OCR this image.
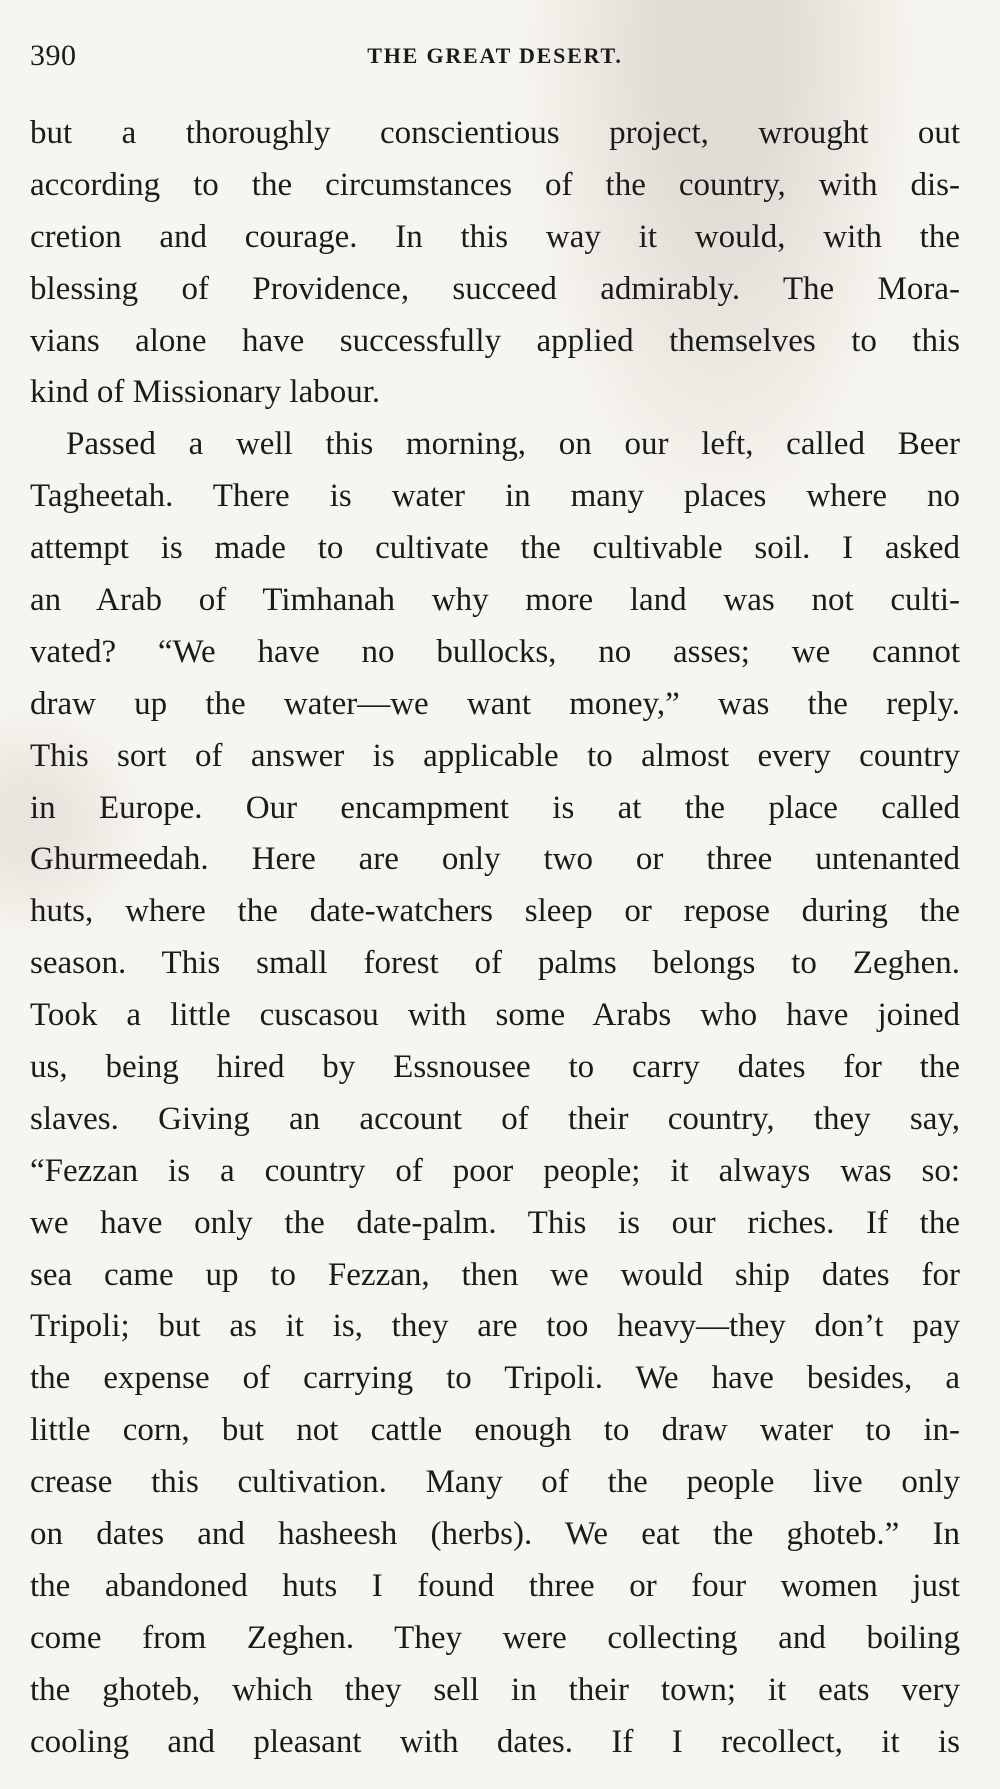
390	THE GREAT DESERT.
but a thoroughly conscientious project, wrought out
according to the circumstances of the country, with dis-
cretion and courage. In this way it would, with the
blessing of Providence, succeed admirably. The Mora-
vians alone have successfully applied themselves to this
kind of Missionary labour.
Passed a well this morning, on our left, called Beer
Tagheetah. There is water in many places where no
attempt is made to cultivate the cultivable soil. I asked
an Arab of Timhanah why more land was not culti-
vated? “We have no bullocks, no asses; we cannot
draw up the water—we want money,” was the reply.
This sort of answer is applicable to almost every country
in Europe. Our encampment is at the place called
Ghurmeedah. Here are only two or three untenanted
huts, where the date-watchers sleep or repose during the
season. This small forest of palms belongs to Zeghen.
Took a little cuscasou with some Arabs who have joined
us, being hired by Essnousee to carry dates for the
slaves. Giving an account of their country, they say,
“Fezzan is a country of poor people; it always was so:
we have only the date-palm. This is our riches. If the
sea came up to Fezzan, then we would ship dates for
Tripoli; but as it is, they are too heavy—they don’t pay
the expense of carrying to Tripoli. We have besides, a
little corn, but not cattle enough to draw water to in-
crease this cultivation. Many of the people live only
on dates and hasheesh (herbs). We eat the ghoteb.” In
the abandoned huts I found three or four women just
come from Zeghen. They were collecting and boiling
the ghoteb, which they sell in their town; it eats very
cooling and pleasant with dates. If I recollect, it is
